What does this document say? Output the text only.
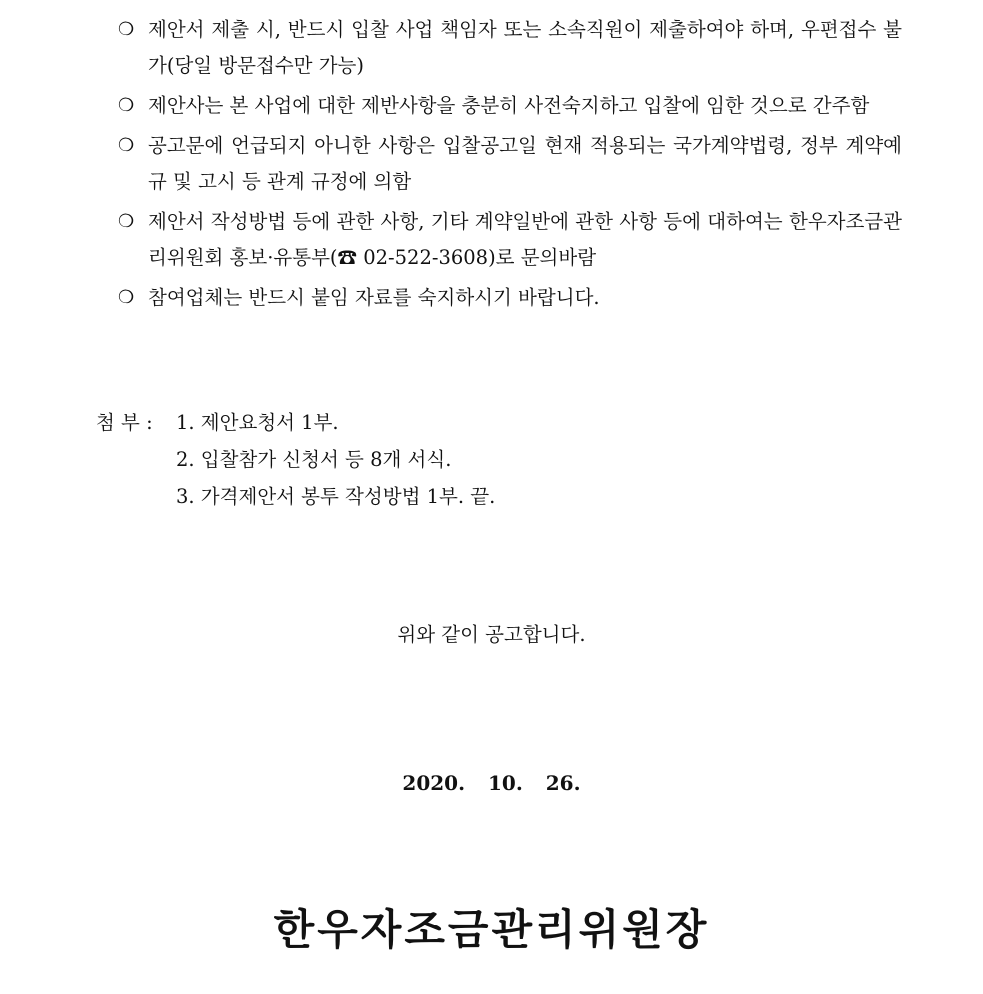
❍ 제안서 제출 시, 반드시 입찰 사업 책임자 또는 소속직원이 제출하여야 하며, 우편접수 불가(당일 방문접수만 가능)
❍ 제안사는 본 사업에 대한 제반사항을 충분히 사전숙지하고 입찰에 임한 것으로 간주함
❍ 공고문에 언급되지 아니한 사항은 입찰공고일 현재 적용되는 국가계약법령, 정부 계약예규 및 고시 등 관계 규정에 의함
❍ 제안서 작성방법 등에 관한 사항, 기타 계약일반에 관한 사항 등에 대하여는 한우자조금관리위원회 홍보·유통부(☎ 02-522-3608)로 문의바람
❍ 참여업체는 반드시 붙임 자료를 숙지하시기 바랍니다.
첨 부 :	1. 제안요청서 1부.
2. 입찰참가 신청서 등 8개 서식.
3. 가격제안서 봉투 작성방법 1부. 끝.
위와 같이 공고합니다.
2020. 10. 26.
한우자조금관리위원장
